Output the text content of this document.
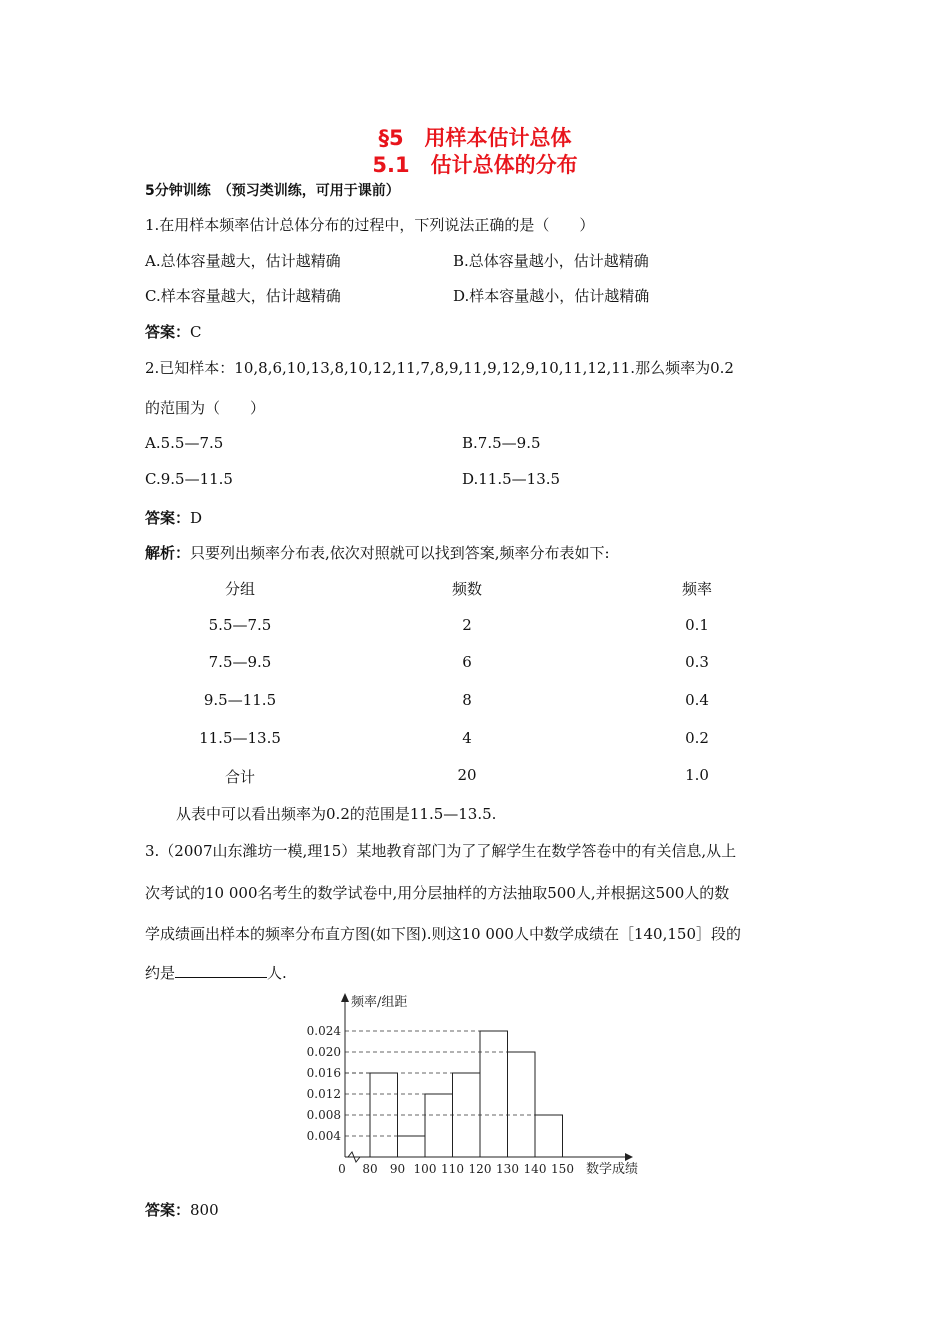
§5　用样本估计总体
5.1　估计总体的分布
5分钟训练　（预习类训练，可用于课前）
1.在用样本频率估计总体分布的过程中，下列说法正确的是（　　）
A.总体容量越大，估计越精确	B.总体容量越小，估计越精确
C.样本容量越大，估计越精确	D.样本容量越小，估计越精确
答案：C
2.已知样本：10,8,6,10,13,8,10,12,11,7,8,9,11,9,12,9,10,11,12,11.那么频率为0.2
的范围为（　　）
A.5.5—7.5	B.7.5—9.5
C.9.5—11.5	D.11.5—13.5
答案：D
解析：只要列出频率分布表,依次对照就可以找到答案,频率分布表如下:
分组	频数	频率
5.5—7.5	2	0.1
7.5—9.5	6	0.3
9.5—11.5	8	0.4
11.5—13.5	4	0.2
合计	20	1.0
从表中可以看出频率为0.2的范围是11.5—13.5.
3.（2007山东潍坊一模,理15）某地教育部门为了了解学生在数学答卷中的有关信息,从上
次考试的10 000名考生的数学试卷中,用分层抽样的方法抽取500人,并根据这500人的数
学成绩画出样本的频率分布直方图(如下图).则这10 000人中数学成绩在［140,150］段的
约是	人.
0.004
0.008
0.012
0.016
0.020
0.024
80 90 100 110 120 130 140 150
0	数学成绩
频率/组距
答案：800
